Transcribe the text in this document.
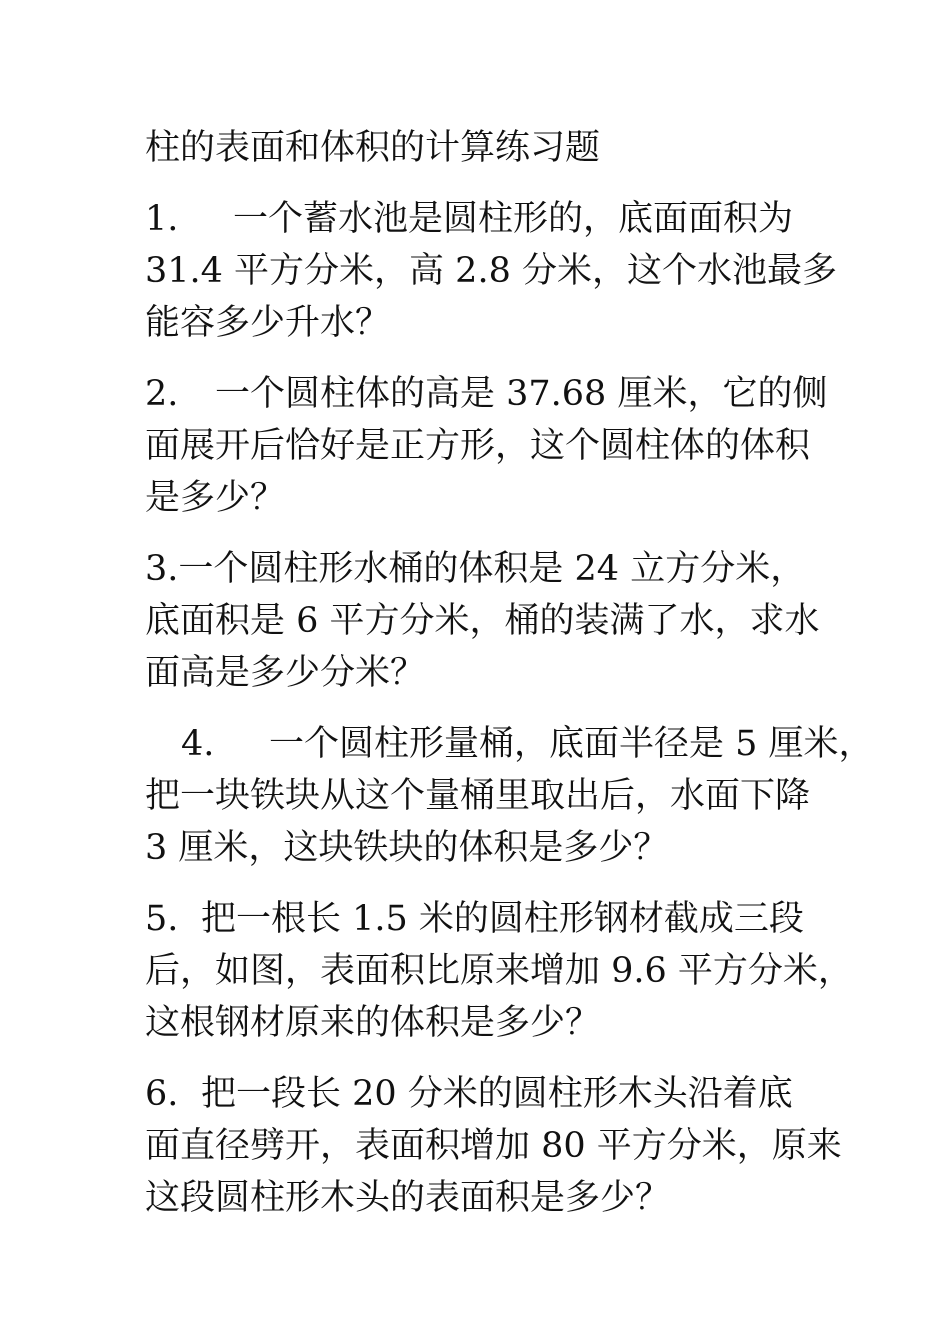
柱的表面和体积的计算练习题
1. 一个蓄水池是圆柱形的，底面面积为
31.4 平方分米，高 2.8 分米，这个水池最多
能容多少升水？
2. 一个圆柱体的高是 37.68 厘米，它的侧
面展开后恰好是正方形，这个圆柱体的体积
是多少？
3.一个圆柱形水桶的体积是 24 立方分米，
底面积是 6 平方分米，桶的装满了水，求水
面高是多少分米？
4. 一个圆柱形量桶，底面半径是 5 厘米，
把一块铁块从这个量桶里取出后，水面下降
3 厘米，这块铁块的体积是多少？
5. 把一根长 1.5 米的圆柱形钢材截成三段
后，如图，表面积比原来增加 9.6 平方分米，
这根钢材原来的体积是多少？
6. 把一段长 20 分米的圆柱形木头沿着底
面直径劈开，表面积增加 80 平方分米，原来
这段圆柱形木头的表面积是多少？
